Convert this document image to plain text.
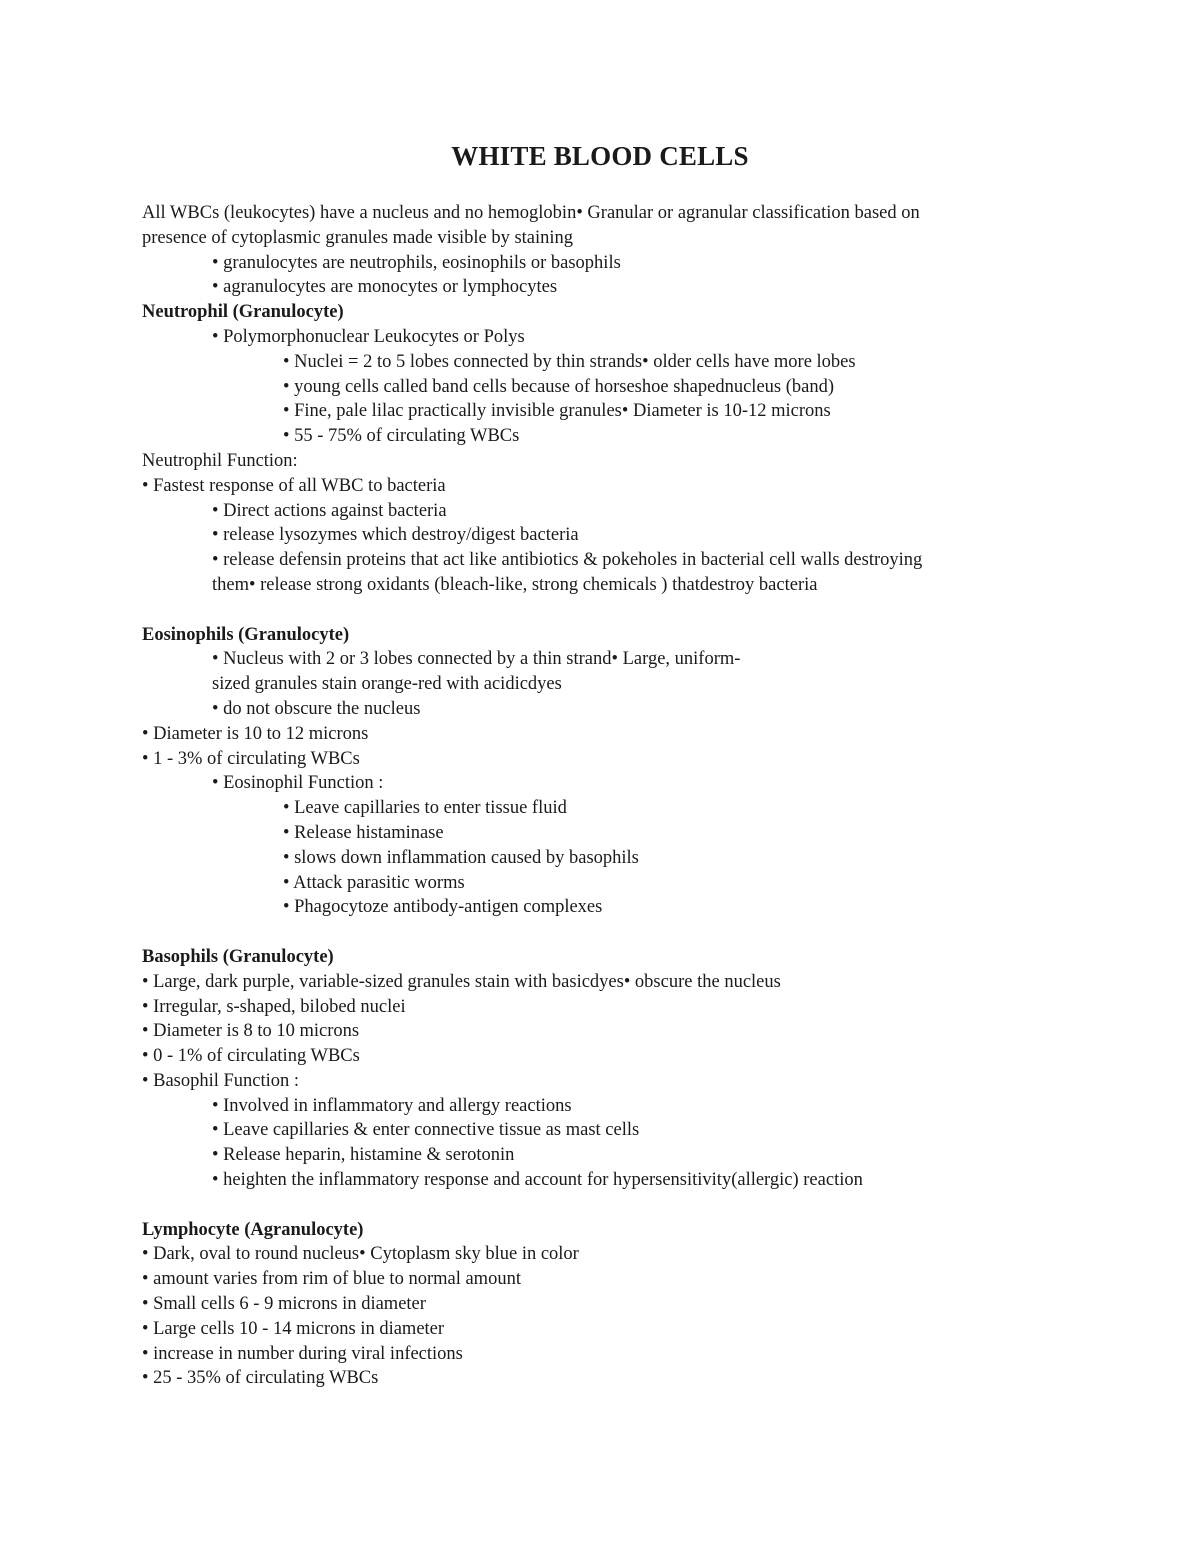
WHITE BLOOD CELLS

All WBCs (leukocytes) have a nucleus and no hemoglobin• Granular or agranular classification based on

presence of cytoplasmic granules made visible by staining

• granulocytes are neutrophils, eosinophils or basophils

• agranulocytes are monocytes or lymphocytes

Neutrophil (Granulocyte)

• Polymorphonuclear Leukocytes or Polys

• Nuclei = 2 to 5 lobes connected by thin strands• older cells have more lobes

• young cells called band cells because of horseshoe shapednucleus (band)

• Fine, pale lilac practically invisible granules• Diameter is 10-12 microns

• 55 - 75% of circulating WBCs

Neutrophil Function:

• Fastest response of all WBC to bacteria

• Direct actions against bacteria

• release lysozymes which destroy/digest bacteria

• release defensin proteins that act like antibiotics & pokeholes in bacterial cell walls destroying

them• release strong oxidants (bleach-like, strong chemicals ) thatdestroy bacteria

Eosinophils (Granulocyte)

• Nucleus with 2 or 3 lobes connected by a thin strand• Large, uniform-

sized granules stain orange-red with acidicdyes

• do not obscure the nucleus

• Diameter is 10 to 12 microns

• 1 - 3% of circulating WBCs

• Eosinophil Function :

• Leave capillaries to enter tissue fluid

• Release histaminase

• slows down inflammation caused by basophils

• Attack parasitic worms

• Phagocytoze antibody-antigen complexes

Basophils (Granulocyte)

• Large, dark purple, variable-sized granules stain with basicdyes• obscure the nucleus

• Irregular, s-shaped, bilobed nuclei

• Diameter is 8 to 10 microns

• 0 - 1% of circulating WBCs

• Basophil Function :

• Involved in inflammatory and allergy reactions

• Leave capillaries & enter connective tissue as mast cells

• Release heparin, histamine & serotonin

• heighten the inflammatory response and account for hypersensitivity(allergic) reaction

Lymphocyte (Agranulocyte)

• Dark, oval to round nucleus• Cytoplasm sky blue in color

• amount varies from rim of blue to normal amount

• Small cells 6 - 9 microns in diameter

• Large cells 10 - 14 microns in diameter

• increase in number during viral infections

• 25 - 35% of circulating WBCs
